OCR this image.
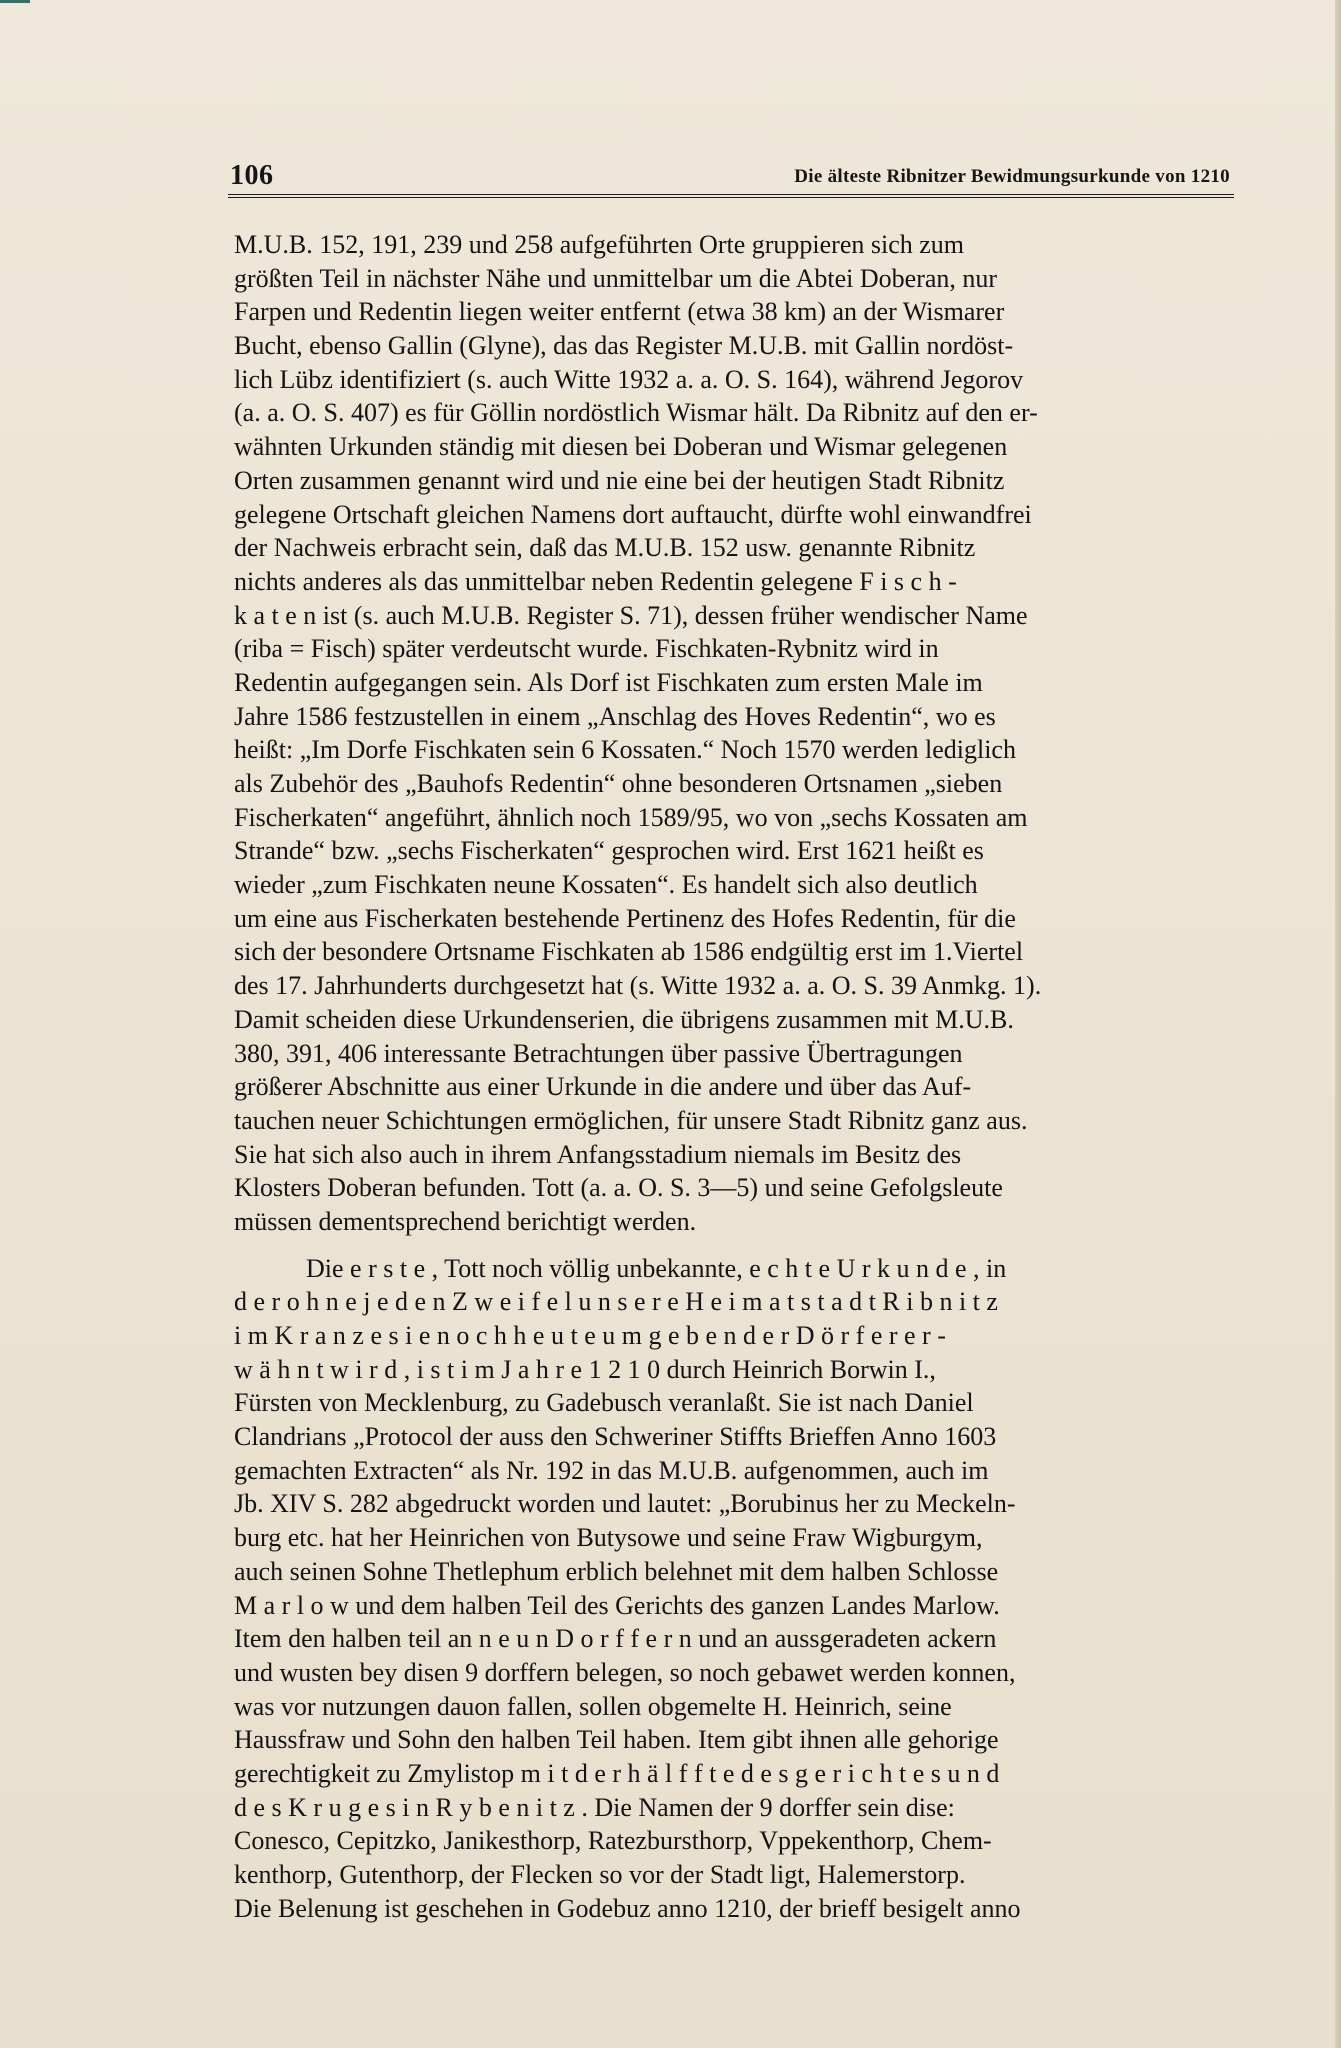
106	Die älteste Ribnitzer Bewidmungsurkunde von 1210
M.U.B. 152, 191, 239 und 258 aufgeführten Orte gruppieren sich zum
größten Teil in nächster Nähe und unmittelbar um die Abtei Doberan, nur
Farpen und Redentin liegen weiter entfernt (etwa 38 km) an der Wismarer
Bucht, ebenso Gallin (Glyne), das das Register M.U.B. mit Gallin nordöst-
lich Lübz identifiziert (s. auch Witte 1932 a. a. O. S. 164), während Jegorov
(a. a. O. S. 407) es für Göllin nordöstlich Wismar hält. Da Ribnitz auf den er-
wähnten Urkunden ständig mit diesen bei Doberan und Wismar gelegenen
Orten zusammen genannt wird und nie eine bei der heutigen Stadt Ribnitz
gelegene Ortschaft gleichen Namens dort auftaucht, dürfte wohl einwandfrei
der Nachweis erbracht sein, daß das M.U.B. 152 usw. genannte Ribnitz
nichts anderes als das unmittelbar neben Redentin gelegene F i s c h -
k a t e n ist (s. auch M.U.B. Register S. 71), dessen früher wendischer Name
(riba = Fisch) später verdeutscht wurde. Fischkaten-Rybnitz wird in
Redentin aufgegangen sein. Als Dorf ist Fischkaten zum ersten Male im
Jahre 1586 festzustellen in einem „Anschlag des Hoves Redentin“, wo es
heißt: „Im Dorfe Fischkaten sein 6 Kossaten.“ Noch 1570 werden lediglich
als Zubehör des „Bauhofs Redentin“ ohne besonderen Ortsnamen „sieben
Fischerkaten“ angeführt, ähnlich noch 1589/95, wo von „sechs Kossaten am
Strande“ bzw. „sechs Fischerkaten“ gesprochen wird. Erst 1621 heißt es
wieder „zum Fischkaten neune Kossaten“. Es handelt sich also deutlich
um eine aus Fischerkaten bestehende Pertinenz des Hofes Redentin, für die
sich der besondere Ortsname Fischkaten ab 1586 endgültig erst im 1.Viertel
des 17. Jahrhunderts durchgesetzt hat (s. Witte 1932 a. a. O. S. 39 Anmkg. 1).
Damit scheiden diese Urkundenserien, die übrigens zusammen mit M.U.B.
380, 391, 406 interessante Betrachtungen über passive Übertragungen
größerer Abschnitte aus einer Urkunde in die andere und über das Auf-
tauchen neuer Schichtungen ermöglichen, für unsere Stadt Ribnitz ganz aus.
Sie hat sich also auch in ihrem Anfangsstadium niemals im Besitz des
Klosters Doberan befunden. Tott (a. a. O. S. 3—5) und seine Gefolgsleute
müssen dementsprechend berichtigt werden.
Die e r s t e , Tott noch völlig unbekannte, e c h t e U r k u n d e , in
d e r o h n e j e d e n Z w e i f e l u n s e r e H e i m a t s t a d t R i b n i t z
i m K r a n z e s i e n o c h h e u t e u m g e b e n d e r D ö r f e r e r -
w ä h n t w i r d , i s t i m J a h r e 1 2 1 0 durch Heinrich Borwin I.,
Fürsten von Mecklenburg, zu Gadebusch veranlaßt. Sie ist nach Daniel
Clandrians „Protocol der auss den Schweriner Stiffts Brieffen Anno 1603
gemachten Extracten“ als Nr. 192 in das M.U.B. aufgenommen, auch im
Jb. XIV S. 282 abgedruckt worden und lautet: „Borubinus her zu Meckeln-
burg etc. hat her Heinrichen von Butysowe und seine Fraw Wigburgym,
auch seinen Sohne Thetlephum erblich belehnet mit dem halben Schlosse
M a r l o w und dem halben Teil des Gerichts des ganzen Landes Marlow.
Item den halben teil an n e u n D o r f f e r n und an aussgeradeten ackern
und wusten bey disen 9 dorffern belegen, so noch gebawet werden konnen,
was vor nutzungen dauon fallen, sollen obgemelte H. Heinrich, seine
Haussfraw und Sohn den halben Teil haben. Item gibt ihnen alle gehorige
gerechtigkeit zu Zmylistop m i t d e r h ä l f f t e d e s g e r i c h t e s u n d
d e s K r u g e s i n R y b e n i t z . Die Namen der 9 dorffer sein dise:
Conesco, Cepitzko, Janikesthorp, Ratezbursthorp, Vppekenthorp, Chem-
kenthorp, Gutenthorp, der Flecken so vor der Stadt ligt, Halemerstorp.
Die Belenung ist geschehen in Godebuz anno 1210, der brieff besigelt anno
